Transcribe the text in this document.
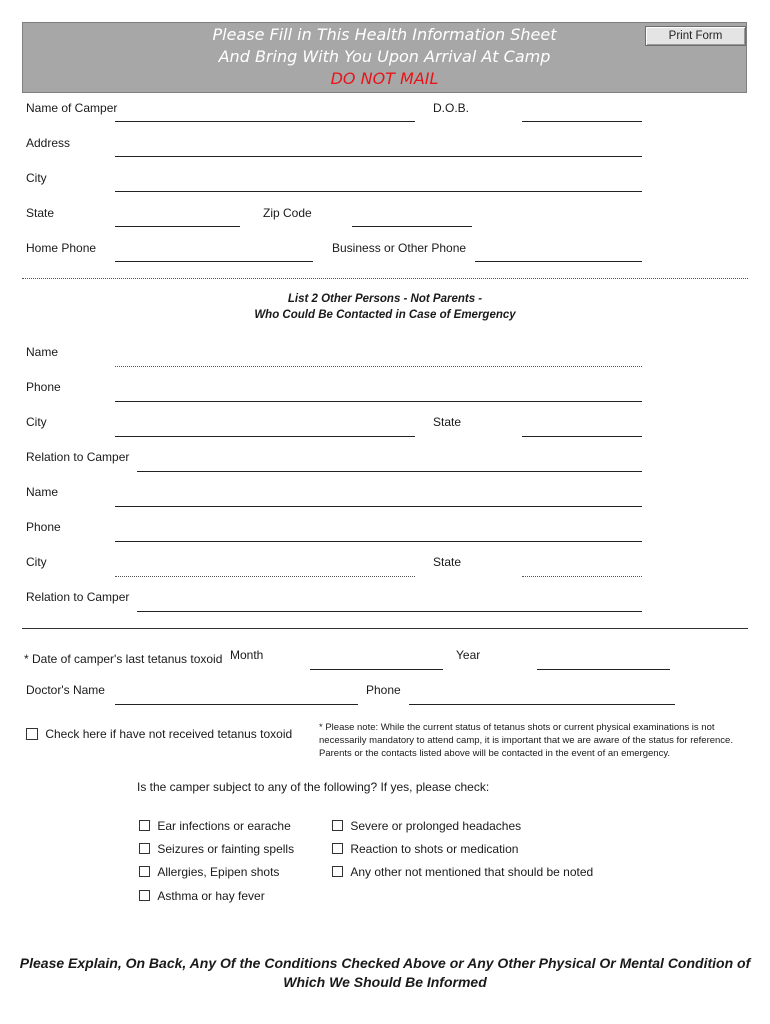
Please Fill in This Health Information Sheet
And Bring With You Upon Arrival At Camp
DO NOT MAIL
Print Form
Name of Camper	D.O.B.
Address
City
State	Zip Code
Home Phone	Business or Other Phone
List 2 Other Persons - Not Parents -
Who Could Be Contacted in Case of Emergency
Name
Phone
City	State
Relation to Camper
Name
Phone
City	State
Relation to Camper
* Date of camper's last tetanus toxoid Month	Year
Doctor's Name	Phone
Check here if have not received tetanus toxoid	* Please note: While the current status of tetanus shots or current physical examinations is not
necessarily mandatory to attend camp, it is important that we are aware of the status for reference.
Parents or the contacts listed above will be contacted in the event of an emergency.
Is the camper subject to any of the following? If yes, please check:
Ear infections or earache
Seizures or fainting spells
Allergies, Epipen shots
Asthma or hay fever
Severe or prolonged headaches
Reaction to shots or medication
Any other not mentioned that should be noted
Please Explain, On Back, Any Of the Conditions Checked Above or Any Other Physical Or Mental Condition of
Which We Should Be Informed
